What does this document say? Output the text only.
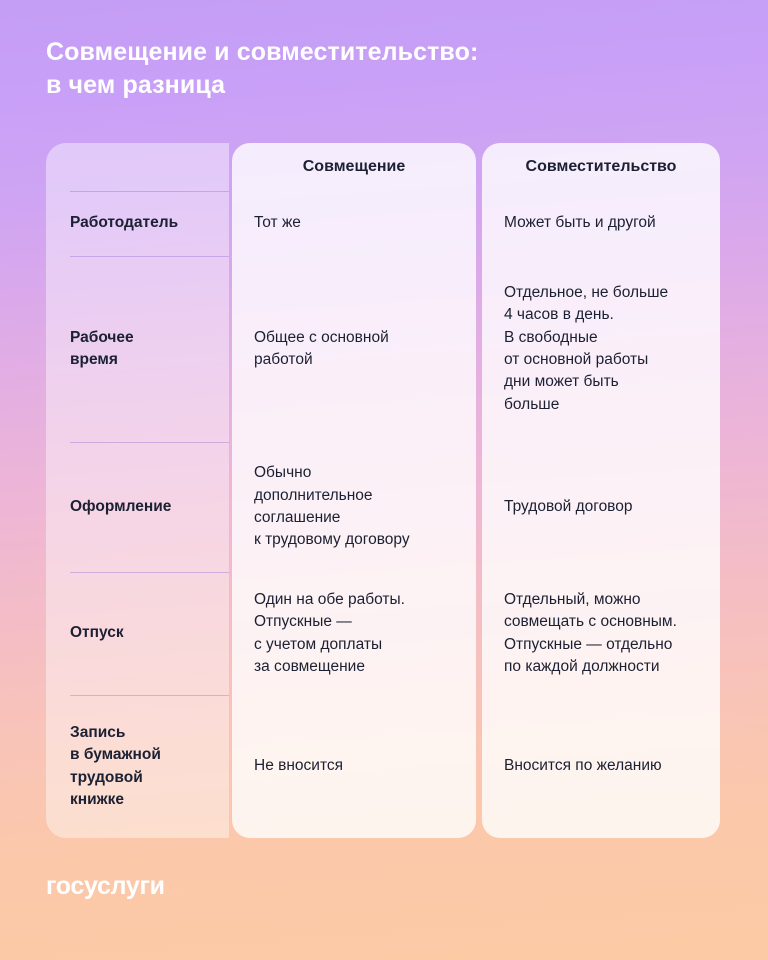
Совмещение и совместительство:
в чем разница
Работодатель
Рабочее
время
Оформление
Отпуск
Запись
в бумажной
трудовой
книжке
Совмещение
Тот же
Общее с основной
работой
Обычно
дополнительное
соглашение
к трудовому договору
Один на обе работы.
Отпускные —
с учетом доплаты
за совмещение
Не вносится
Совместительство
Может быть и другой
Отдельное, не больше
4 часов в день.
В свободные
от основной работы
дни может быть
больше
Трудовой договор
Отдельный, можно
совмещать с основным.
Отпускные — отдельно
по каждой должности
Вносится по желанию
госуслуги
